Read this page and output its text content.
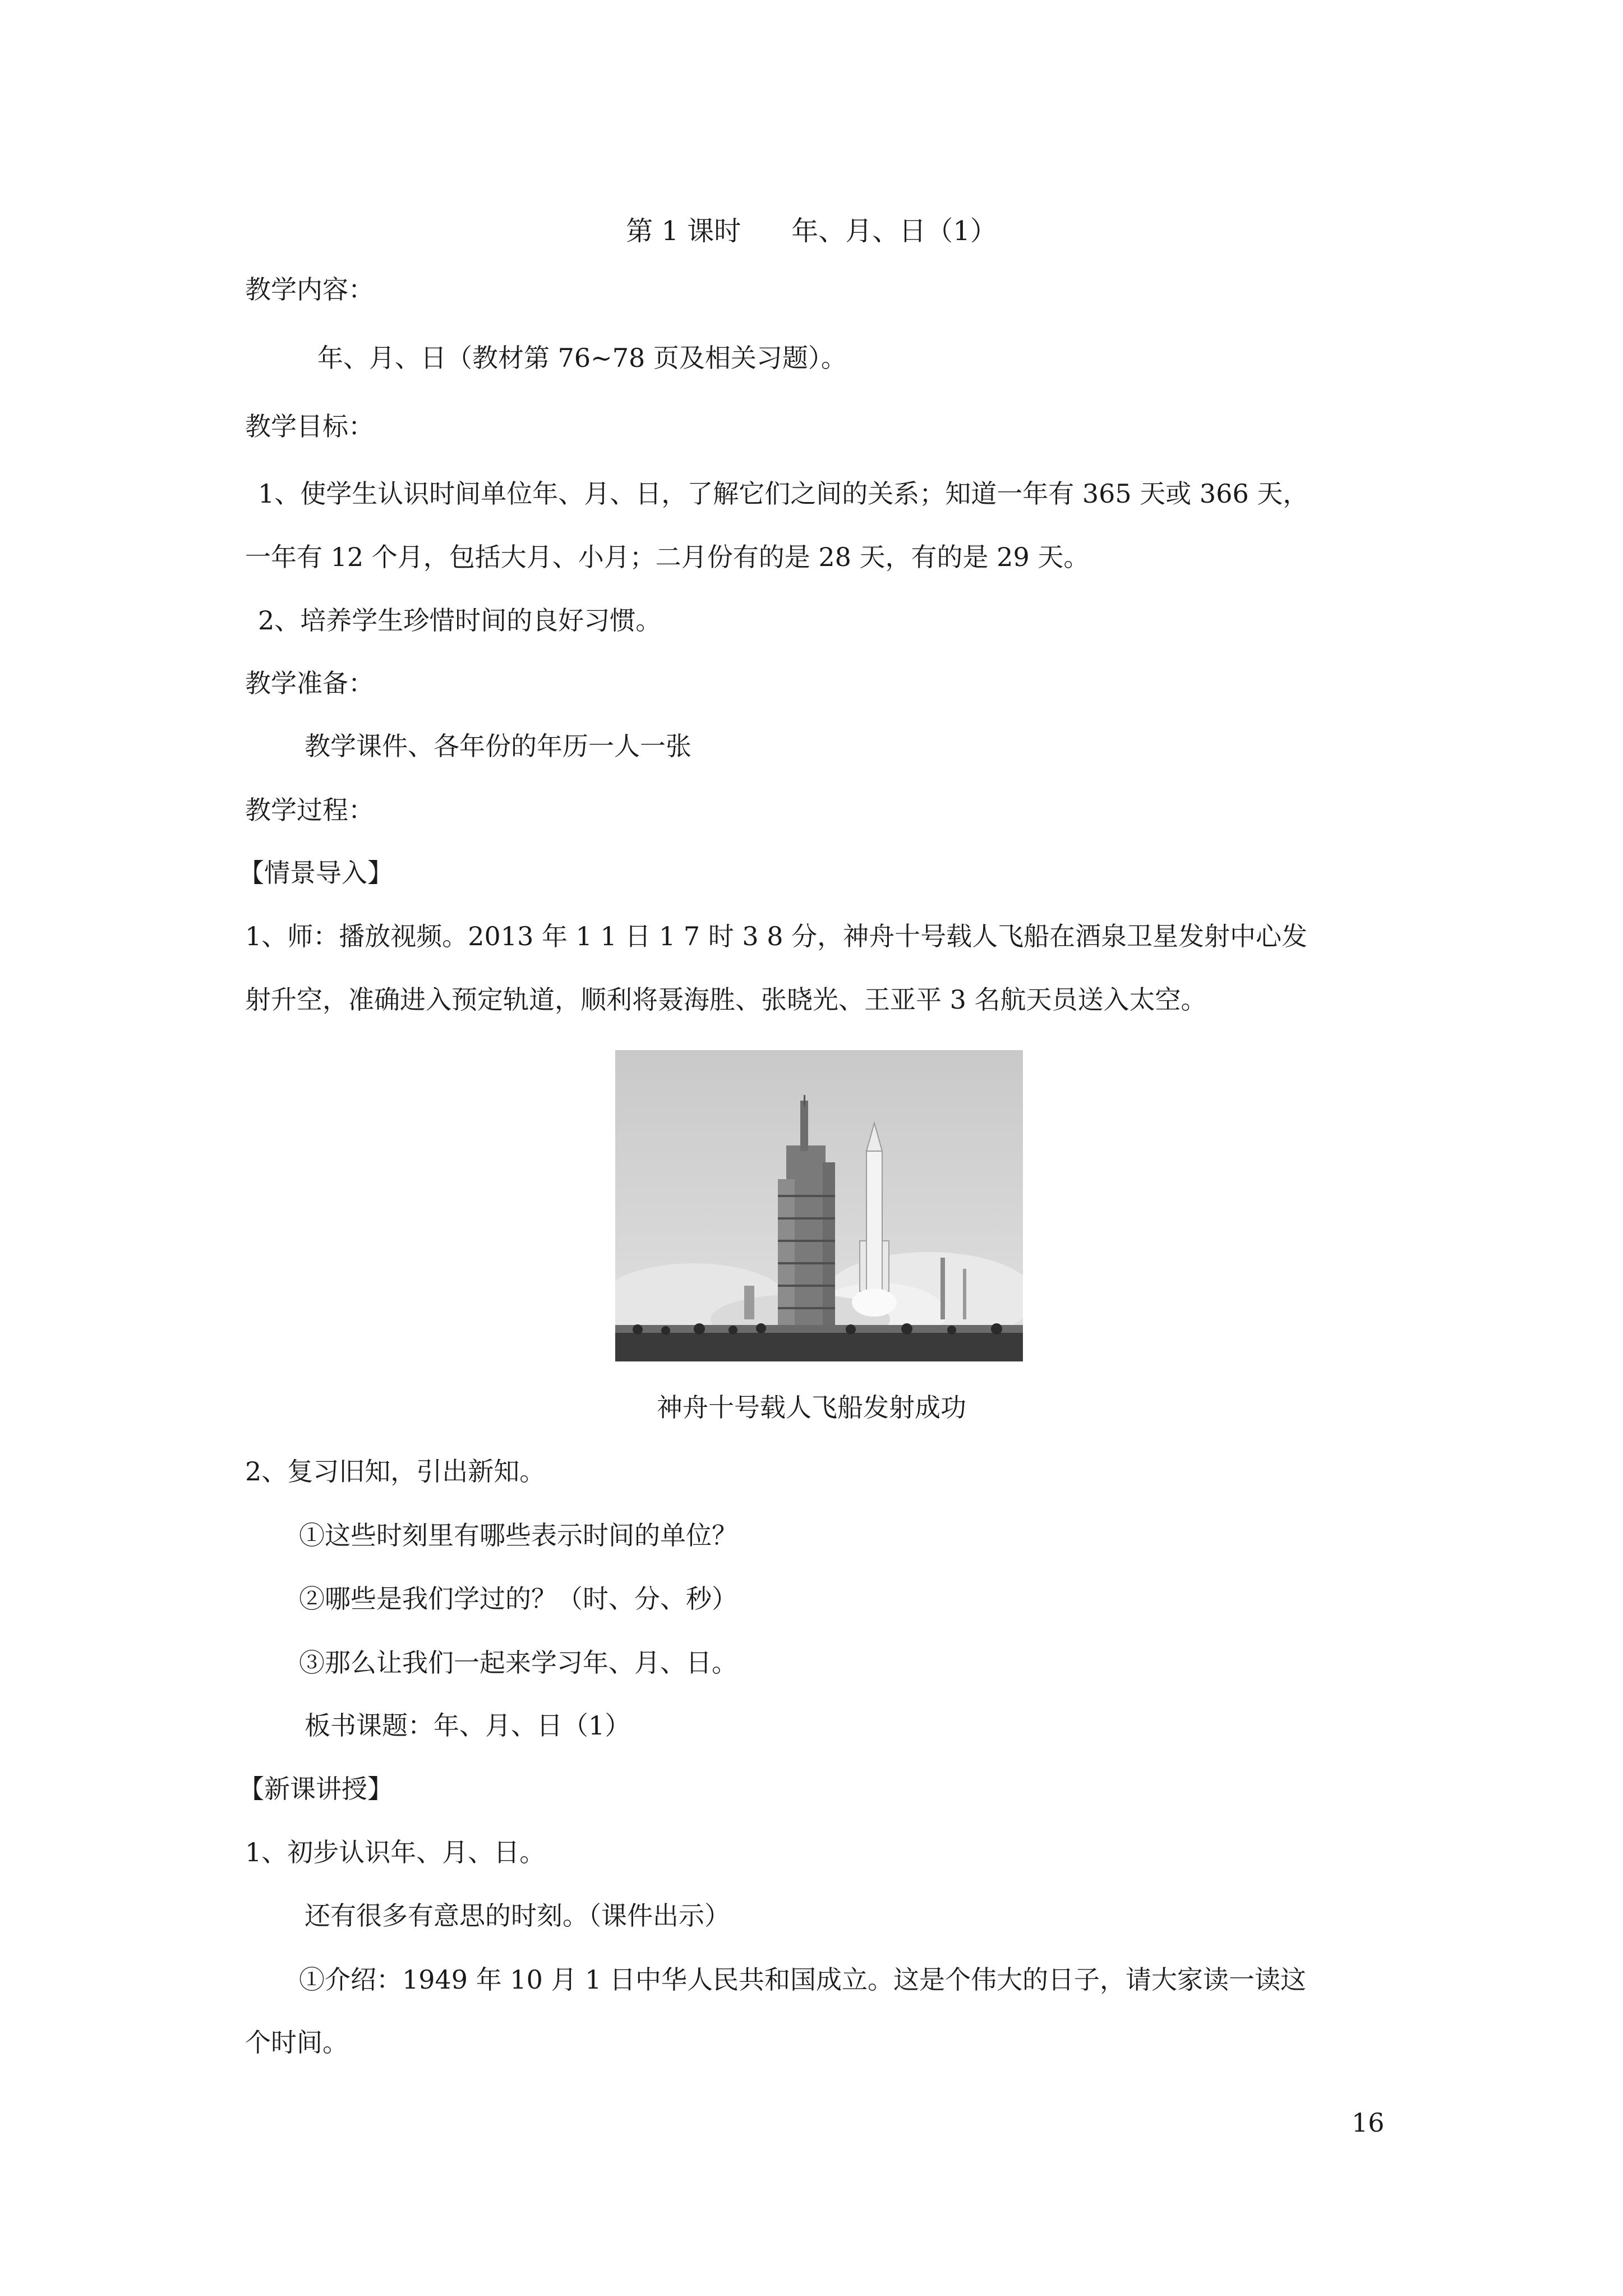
第 1 课时 年、月、日（1）

教学内容：

年、月、日（教材第 76~78 页及相关习题）。

教学目标：

1、使学生认识时间单位年、月、日，了解它们之间的关系；知道一年有 365 天或 366 天，

一年有 12 个月，包括大月、小月；二月份有的是 28 天，有的是 29 天。

2、培养学生珍惜时间的良好习惯。

教学准备：

教学课件、各年份的年历一人一张

教学过程：

【情景导入】

1、师：播放视频。2013 年 1 1 日 1 7 时 3 8 分，神舟十号载人飞船在酒泉卫星发射中心发

射升空，准确进入预定轨道，顺利将聂海胜、张晓光、王亚平 3 名航天员送入太空。

神舟十号载人飞船发射成功

2、复习旧知，引出新知。

①这些时刻里有哪些表示时间的单位？

②哪些是我们学过的？（时、分、秒）

③那么让我们一起来学习年、月、日。

板书课题：年、月、日（1）

【新课讲授】

1、初步认识年、月、日。

还有很多有意思的时刻。（课件出示）

①介绍：1949 年 10 月 1 日中华人民共和国成立。这是个伟大的日子，请大家读一读这

个时间。

16
